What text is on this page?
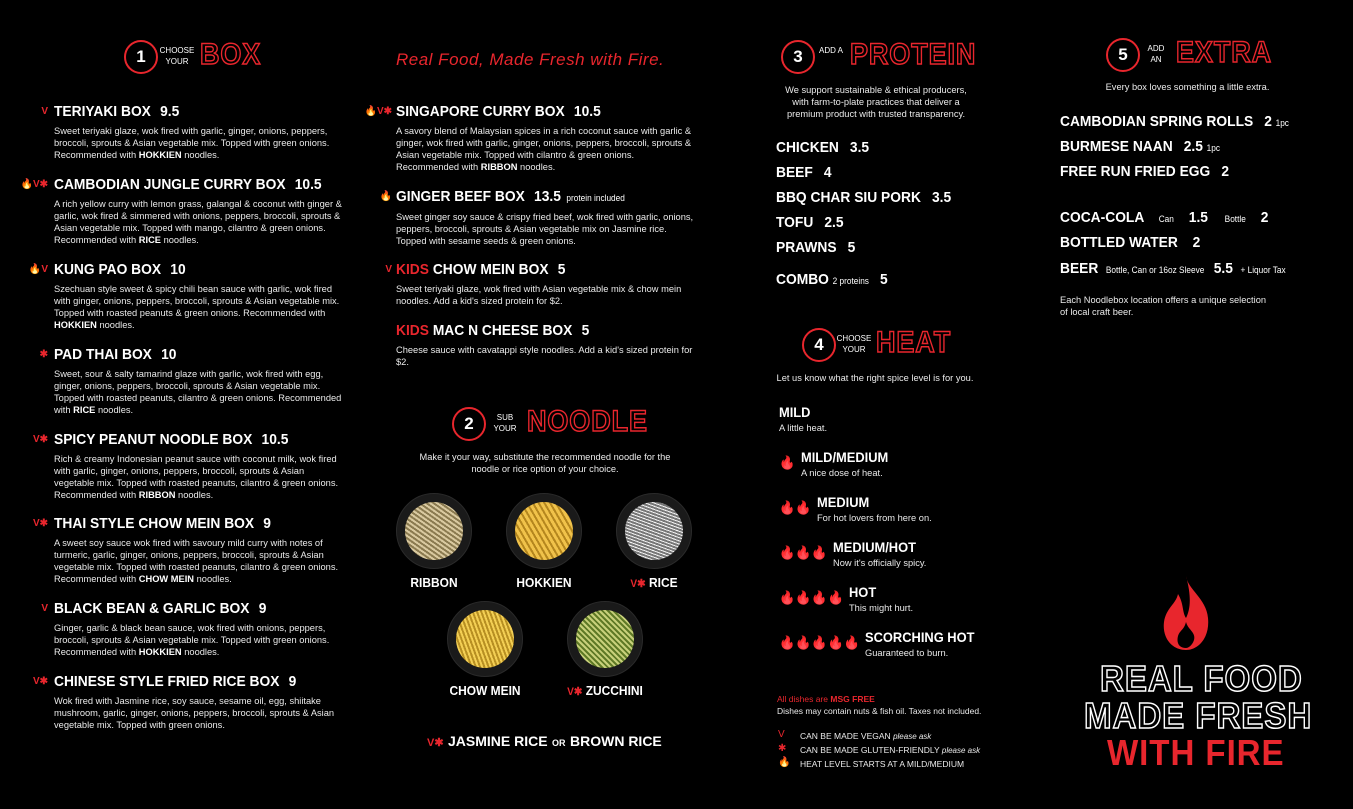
1	CHOOSE YOUR BOX	Real Food, Made Fresh with Fire.
TERIYAKI BOX 9.5
Sweet teriyaki glaze, wok fired with garlic, ginger, onions, peppers, broccoli, sprouts & Asian vegetable mix. Topped with green onions. Recommended with HOKKIEN noodles.
V
CAMBODIAN JUNGLE CURRY BOX 10.5
A rich yellow curry with lemon grass, galangal & coconut with ginger & garlic, wok fired & simmered with onions, peppers, broccoli, sprouts & Asian vegetable mix. Topped with mango, cilantro & green onions. Recommended with RICE noodles.
🔥V✱
KUNG PAO BOX 10
Szechuan style sweet & spicy chili bean sauce with garlic, wok fired with ginger, onions, peppers, broccoli, sprouts & Asian vegetable mix. Topped with roasted peanuts & green onions. Recommended with HOKKIEN noodles.
🔥V
PAD THAI BOX 10
Sweet, sour & salty tamarind glaze with garlic, wok fired with egg, ginger, onions, peppers, broccoli, sprouts & Asian vegetable mix. Topped with roasted peanuts, cilantro & green onions. Recommended with RICE noodles.
✱
SPICY PEANUT NOODLE BOX 10.5
Rich & creamy Indonesian peanut sauce with coconut milk, wok fired with garlic, ginger, onions, peppers, broccoli, sprouts & Asian vegetable mix. Topped with roasted peanuts, cilantro & green onions. Recommended with RIBBON noodles.
V✱
THAI STYLE CHOW MEIN BOX 9
A sweet soy sauce wok fired with savoury mild curry with notes of turmeric, garlic, ginger, onions, peppers, broccoli, sprouts & Asian vegetable mix. Topped with roasted peanuts, cilantro & green onions. Recommended with CHOW MEIN noodles.
V✱
BLACK BEAN & GARLIC BOX 9
Ginger, garlic & black bean sauce, wok fired with onions, peppers, broccoli, sprouts & Asian vegetable mix. Topped with green onions. Recommended with HOKKIEN noodles.
V
CHINESE STYLE FRIED RICE BOX 9
Wok fired with Jasmine rice, soy sauce, sesame oil, egg, shiitake mushroom, garlic, ginger, onions, peppers, broccoli, sprouts & Asian vegetable mix. Topped with green onions.
V✱
SINGAPORE CURRY BOX 10.5
A savory blend of Malaysian spices in a rich coconut sauce with garlic & ginger, wok fired with garlic, ginger, onions, peppers, broccoli, sprouts & Asian vegetable mix. Topped with cilantro & green onions. Recommended with RIBBON noodles.
🔥V✱
GINGER BEEF BOX 13.5 protein included
Sweet ginger soy sauce & crispy fried beef, wok fired with garlic, onions, peppers, broccoli, sprouts & Asian vegetable mix on Jasmine rice. Topped with sesame seeds & green onions.
🔥
KIDS CHOW MEIN BOX 5
Sweet teriyaki glaze, wok fired with Asian vegetable mix & chow mein noodles. Add a kid's sized protein for $2.
V
KIDS MAC N CHEESE BOX 5
Cheese sauce with cavatappi style noodles. Add a kid's sized protein for $2.
2	SUB YOUR NOODLE
Make it your way, substitute the recommended noodle for the noodle or rice option of your choice.
RIBBON	HOKKIEN	V✱ RICE
CHOW MEIN	V✱ ZUCCHINI
V✱ JASMINE RICE OR BROWN RICE
3	ADD A PROTEIN
We support sustainable & ethical producers, with farm-to-plate practices that deliver a premium product with trusted transparency.
CHICKEN 3.5
BEEF 4
BBQ CHAR SIU PORK 3.5
TOFU 2.5
PRAWNS 5
COMBO 2 proteins 5
4	CHOOSE YOUR HEAT
Let us know what the right spice level is for you.
MILD
A little heat.
MILD/MEDIUM
A nice dose of heat.
🔥
MEDIUM
For hot lovers from here on.
🔥🔥
MEDIUM/HOT
Now it's officially spicy.
🔥🔥🔥
HOT
This might hurt.
🔥🔥🔥🔥
SCORCHING HOT
Guaranteed to burn.
🔥🔥🔥🔥🔥
All dishes are MSG FREE
Dishes may contain nuts & fish oil. Taxes not included.
V CAN BE MADE VEGAN please ask
✱ CAN BE MADE GLUTEN-FRIENDLY please ask
🔥 HEAT LEVEL STARTS AT A MILD/MEDIUM
5	ADD AN EXTRA
Every box loves something a little extra.
CAMBODIAN SPRING ROLLS 2 1pc
BURMESE NAAN 2.5 1pc
FREE RUN FRIED EGG 2
COCA-COLA Can 1.5 Bottle 2
BOTTLED WATER 2
BEER Bottle, Can or 16oz Sleeve 5.5 + Liquor Tax
Each Noodlebox location offers a unique selection of local craft beer.
REAL FOOD
MADE FRESH
WITH FIRE
